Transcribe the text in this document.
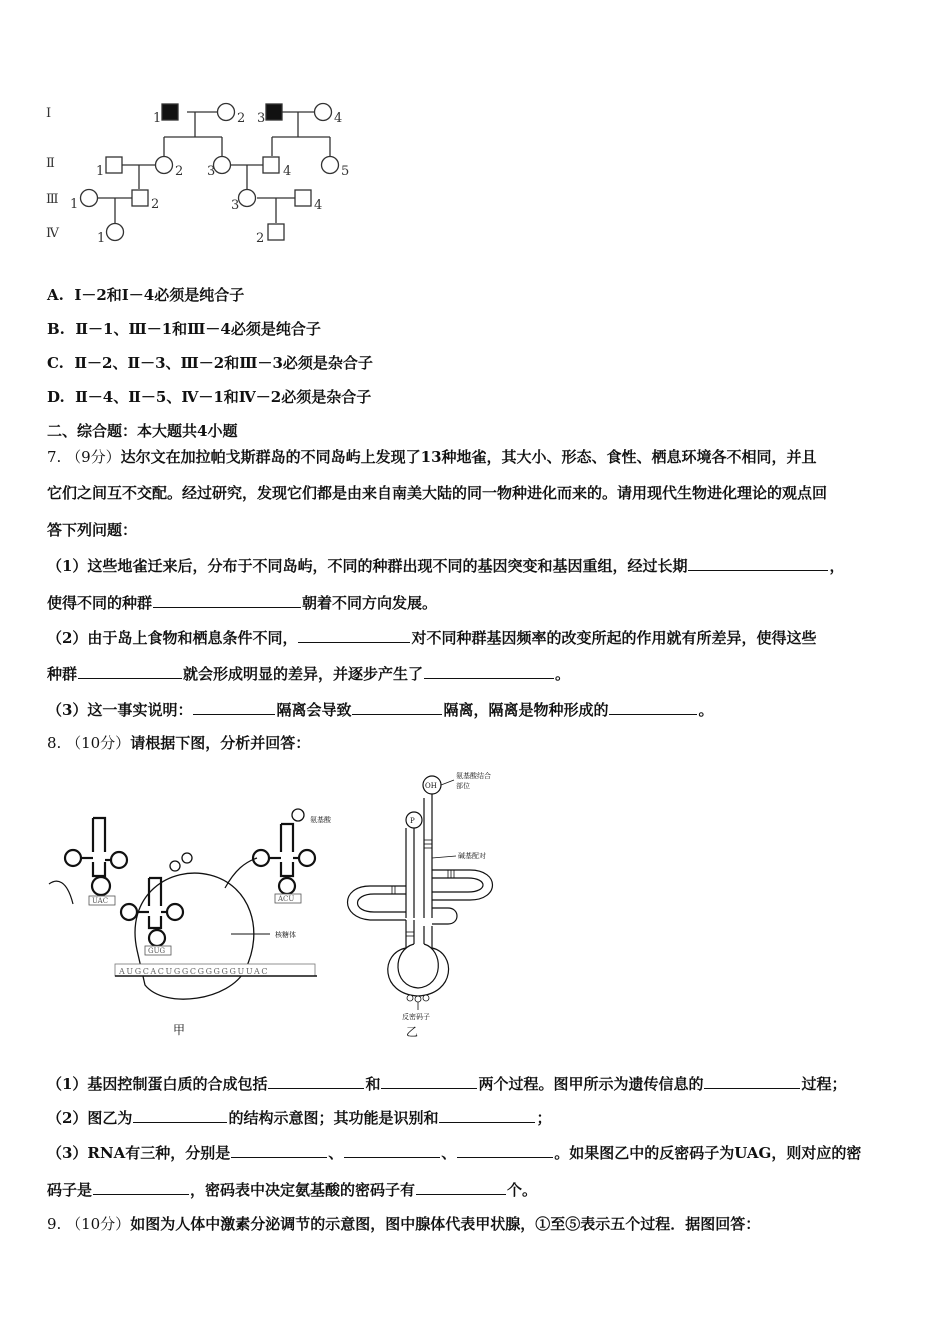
Ⅰ
Ⅱ
Ⅲ
Ⅳ
1	2 3	4
1	2 3	4	5
1	2	3	4
1	2
A. Ⅰ－2和Ⅰ－4必须是纯合子
B. Ⅱ－1、Ⅲ－1和Ⅲ－4必须是纯合子
C. Ⅱ－2、Ⅱ－3、Ⅲ－2和Ⅲ－3必须是杂合子
D. Ⅱ－4、Ⅱ－5、Ⅳ－1和Ⅳ－2必须是杂合子
二、综合题：本大题共4小题
7. （9分）达尔文在加拉帕戈斯群岛的不同岛屿上发现了13种地雀，其大小、形态、食性、栖息环境各不相同，并且
它们之间互不交配。经过研究，发现它们都是由来自南美大陆的同一物种进化而来的。请用现代生物进化理论的观点回
答下列问题：
（1）这些地雀迁来后，分布于不同岛屿，不同的种群出现不同的基因突变和基因重组，经过长期	，
使得不同的种群	朝着不同方向发展。
（2）由于岛上食物和栖息条件不同，	对不同种群基因频率的改变所起的作用就有所差异，使得这些
种群	就会形成明显的差异，并逐步产生了	。
（3）这一事实说明：	隔离会导致	隔离，隔离是物种形成的	。
8. （10分）请根据下图，分析并回答：
UAC	ACU
GUG
AUGCACUGGCGGGGGUUAC
氨基酸
核糖体
甲
OH
P
氨基酸结合
部位
碱基配对
反密码子
乙
（1）基因控制蛋白质的合成包括	和	两个过程。图甲所示为遗传信息的	过程；
（2）图乙为	的结构示意图；其功能是识别和	；
（3）RNA有三种，分别是	、	、	。如果图乙中的反密码子为UAG，则对应的密
码子是	，密码表中决定氨基酸的密码子有	个。
9. （10分）如图为人体中激素分泌调节的示意图，图中腺体代表甲状腺，①至⑤表示五个过程．据图回答：
